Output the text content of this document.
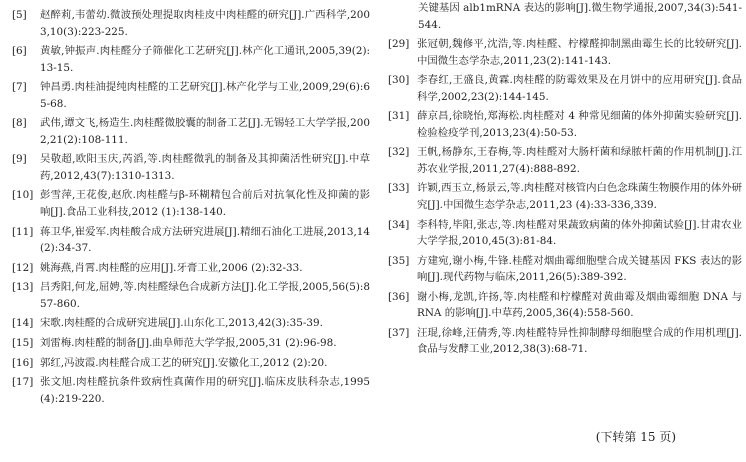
[5]	赵醉莉,韦蕾幼.微波预处理提取肉桂皮中肉桂醛的研究[J].广西科学,2003,10(3):223-225.
[6]	黄敏,钟振声.肉桂醛分子筛催化工艺研究[J].林产化工通讯,2005,39(2):13-15.
[7]	钟昌勇.肉桂油提纯肉桂醛的工艺研究[J].林产化学与工业,2009,29(6):65-68.
[8]	武伟,谭文飞,杨造生.肉桂醛微胶囊的制备工艺[J].无锡轻工大学学报,2002,21(2):108-111.
[9]	吴敬超,欧阳玉庆,芮滔,等.肉桂醛微乳的制备及其抑菌活性研究[J].中草药,2012,43(7):1310-1313.
[10] 彭雪萍,王花俊,赵欣.肉桂醛与β-环糊精包合前后对抗氧化性及抑菌的影响[J].食品工业科技,2012 (1):138-140.
[11] 蒋卫华,崔爱军.肉桂酸合成方法研究进展[J].精细石油化工进展,2013,14(2):34-37.
[12] 姚海燕,肖霄.肉桂醛的应用[J].牙膏工业,2006 (2):32-33.
[13] 吕秀阳,何龙,屈娉,等.肉桂醛绿色合成新方法[J].化工学报,2005,56(5):857-860.
[14] 宋歌.肉桂醛的合成研究进展[J].山东化工,2013,42(3):35-39.
[15] 刘雷梅.肉桂醛的制备[J].曲阜师范大学学报,2005,31 (2):96-98.
[16] 郭红,冯波霞.肉桂醛合成工艺的研究[J].安徽化工,2012 (2):20.
[17] 张文旭.肉桂醛抗条件致病性真菌作用的研究[J].临床皮肤科杂志,1995 (4):219-220.
关键基因 alb1mRNA 表达的影响[J].微生物学通报,2007,34(3):541-544.
[29] 张冠朝,魏修平,沈浩,等.肉桂醛、柠檬醛抑制黑曲霉生长的比较研究[J].中国微生态学杂志,2011,23(2):141-143.
[30] 李春红,王盛良,黄霖.肉桂醛的防霉效果及在月饼中的应用研究[J].食品科学,2002,23(2):144-145.
[31] 薛京昌,徐晓怡,郑海松.肉桂醛对 4 种常见细菌的体外抑菌实验研究[J].检验检疫学刊,2013,23(4):50-53.
[32] 王帆,杨静东,王春梅,等.肉桂醛对大肠杆菌和绿脓杆菌的作用机制[J].江苏农业学报,2011,27(4):888-892.
[33] 许颖,西玉立,杨景云,等.肉桂醛对核管内白色念珠菌生物膜作用的体外研究[J].中国微生态学杂志,2011,23 (4):33-336,339.
[34] 李科特,毕阳,张志,等.肉桂醛对果蔬致病菌的体外抑菌试验[J].甘肃农业大学学报,2010,45(3):81-84.
[35] 方建宛,谢小梅,牛锋.桂醛对烟曲霉细胞壁合成关键基因 FKS 表达的影响[J].现代药物与临床,2011,26(5):389-392.
[36] 谢小梅,龙凯,许扬,等.肉桂醛和柠檬醛对黄曲霉及烟曲霉细胞 DNA 与 RNA 的影响[J].中草药,2005,36(4):558-560.
[37] 汪琨,徐峰,汪倩秀,等.肉桂醛特异性抑制酵母细胞壁合成的作用机理[J].食品与发酵工业,2012,38(3):68-71.
(下转第 15 页)
